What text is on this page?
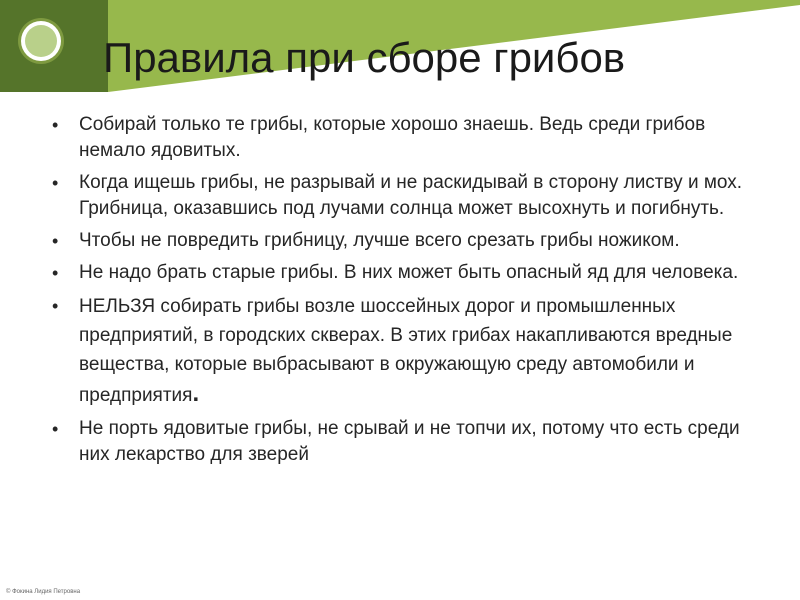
Правила при сборе грибов
•	Собирай только те грибы, которые хорошо знаешь. Ведь среди грибов немало ядовитых.
•	Когда ищешь грибы, не разрывай и не раскидывай в сторону листву и мох. Грибница, оказавшись под лучами солнца может высохнуть и погибнуть.
•	Чтобы не повредить грибницу, лучше всего срезать грибы ножиком.
•	Не надо брать старые грибы. В них может быть опасный яд для человека.
•	НЕЛЬЗЯ собирать грибы возле шоссейных дорог и промышленных предприятий, в городских скверах. В этих грибах накапливаются вредные вещества, которые выбрасывают в окружающую среду автомобили и предприятия.
•	Не порть ядовитые грибы, не срывай и не топчи их, потому что есть среди них лекарство для зверей
© Фокина Лидия Петровна
